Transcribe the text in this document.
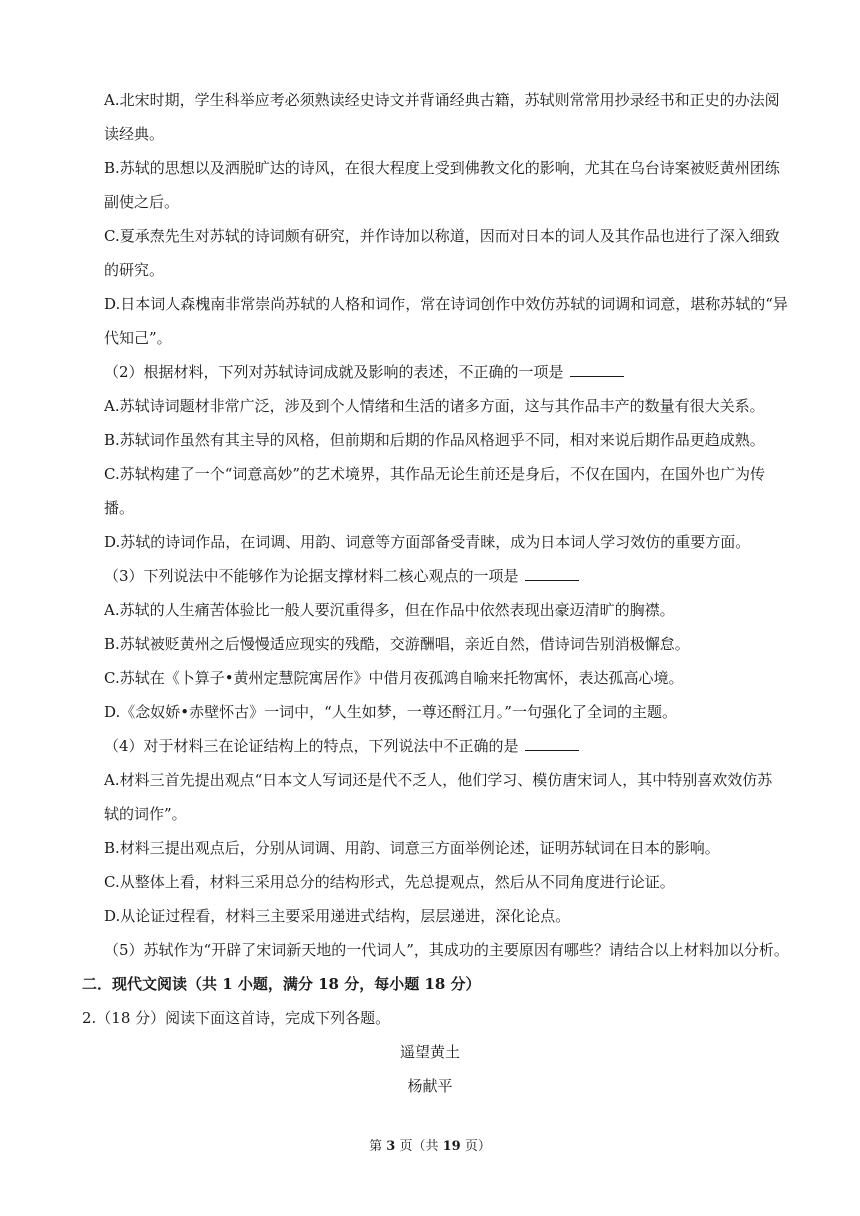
A.北宋时期，学生科举应考必须熟读经史诗文并背诵经典古籍，苏轼则常常用抄录经书和正史的办法阅
读经典。
B.苏轼的思想以及洒脱旷达的诗风，在很大程度上受到佛教文化的影响，尤其在乌台诗案被贬黄州团练
副使之后。
C.夏承焘先生对苏轼的诗词颇有研究，并作诗加以称道，因而对日本的词人及其作品也进行了深入细致
的研究。
D.日本词人森槐南非常崇尚苏轼的人格和词作，常在诗词创作中效仿苏轼的词调和词意，堪称苏轼的“异
代知己”。
（2）根据材料，下列对苏轼诗词成就及影响的表述，不正确的一项是
A.苏轼诗词题材非常广泛，涉及到个人情绪和生活的诸多方面，这与其作品丰产的数量有很大关系。
B.苏轼词作虽然有其主导的风格，但前期和后期的作品风格迥乎不同，相对来说后期作品更趋成熟。
C.苏轼构建了一个“词意高妙”的艺术境界，其作品无论生前还是身后，不仅在国内，在国外也广为传
播。
D.苏轼的诗词作品，在词调、用韵、词意等方面部备受青睐，成为日本词人学习效仿的重要方面。
（3）下列说法中不能够作为论据支撑材料二核心观点的一项是
A.苏轼的人生痛苦体验比一般人要沉重得多，但在作品中依然表现出豪迈清旷的胸襟。
B.苏轼被贬黄州之后慢慢适应现实的残酷，交游酬唱，亲近自然，借诗词告别消极懈怠。
C.苏轼在《卜算子•黄州定慧院寓居作》中借月夜孤鸿自喻来托物寓怀，表达孤高心境。
D.《念奴娇•赤壁怀古》一词中，“人生如梦，一尊还酹江月。”一句强化了全词的主题。
（4）对于材料三在论证结构上的特点，下列说法中不正确的是
A.材料三首先提出观点“日本文人写词还是代不乏人，他们学习、模仿唐宋词人，其中特别喜欢效仿苏
轼的词作”。
B.材料三提出观点后，分别从词调、用韵、词意三方面举例论述，证明苏轼词在日本的影响。
C.从整体上看，材料三采用总分的结构形式，先总提观点，然后从不同角度进行论证。
D.从论证过程看，材料三主要采用递进式结构，层层递进，深化论点。
（5）苏轼作为“开辟了宋词新天地的一代词人”，其成功的主要原因有哪些？请结合以上材料加以分析。
二．现代文阅读（共 1 小题，满分 18 分，每小题 18 分）
2.（18 分）阅读下面这首诗，完成下列各题。
遥望黄土
杨献平
第 3 页（共 19 页）
